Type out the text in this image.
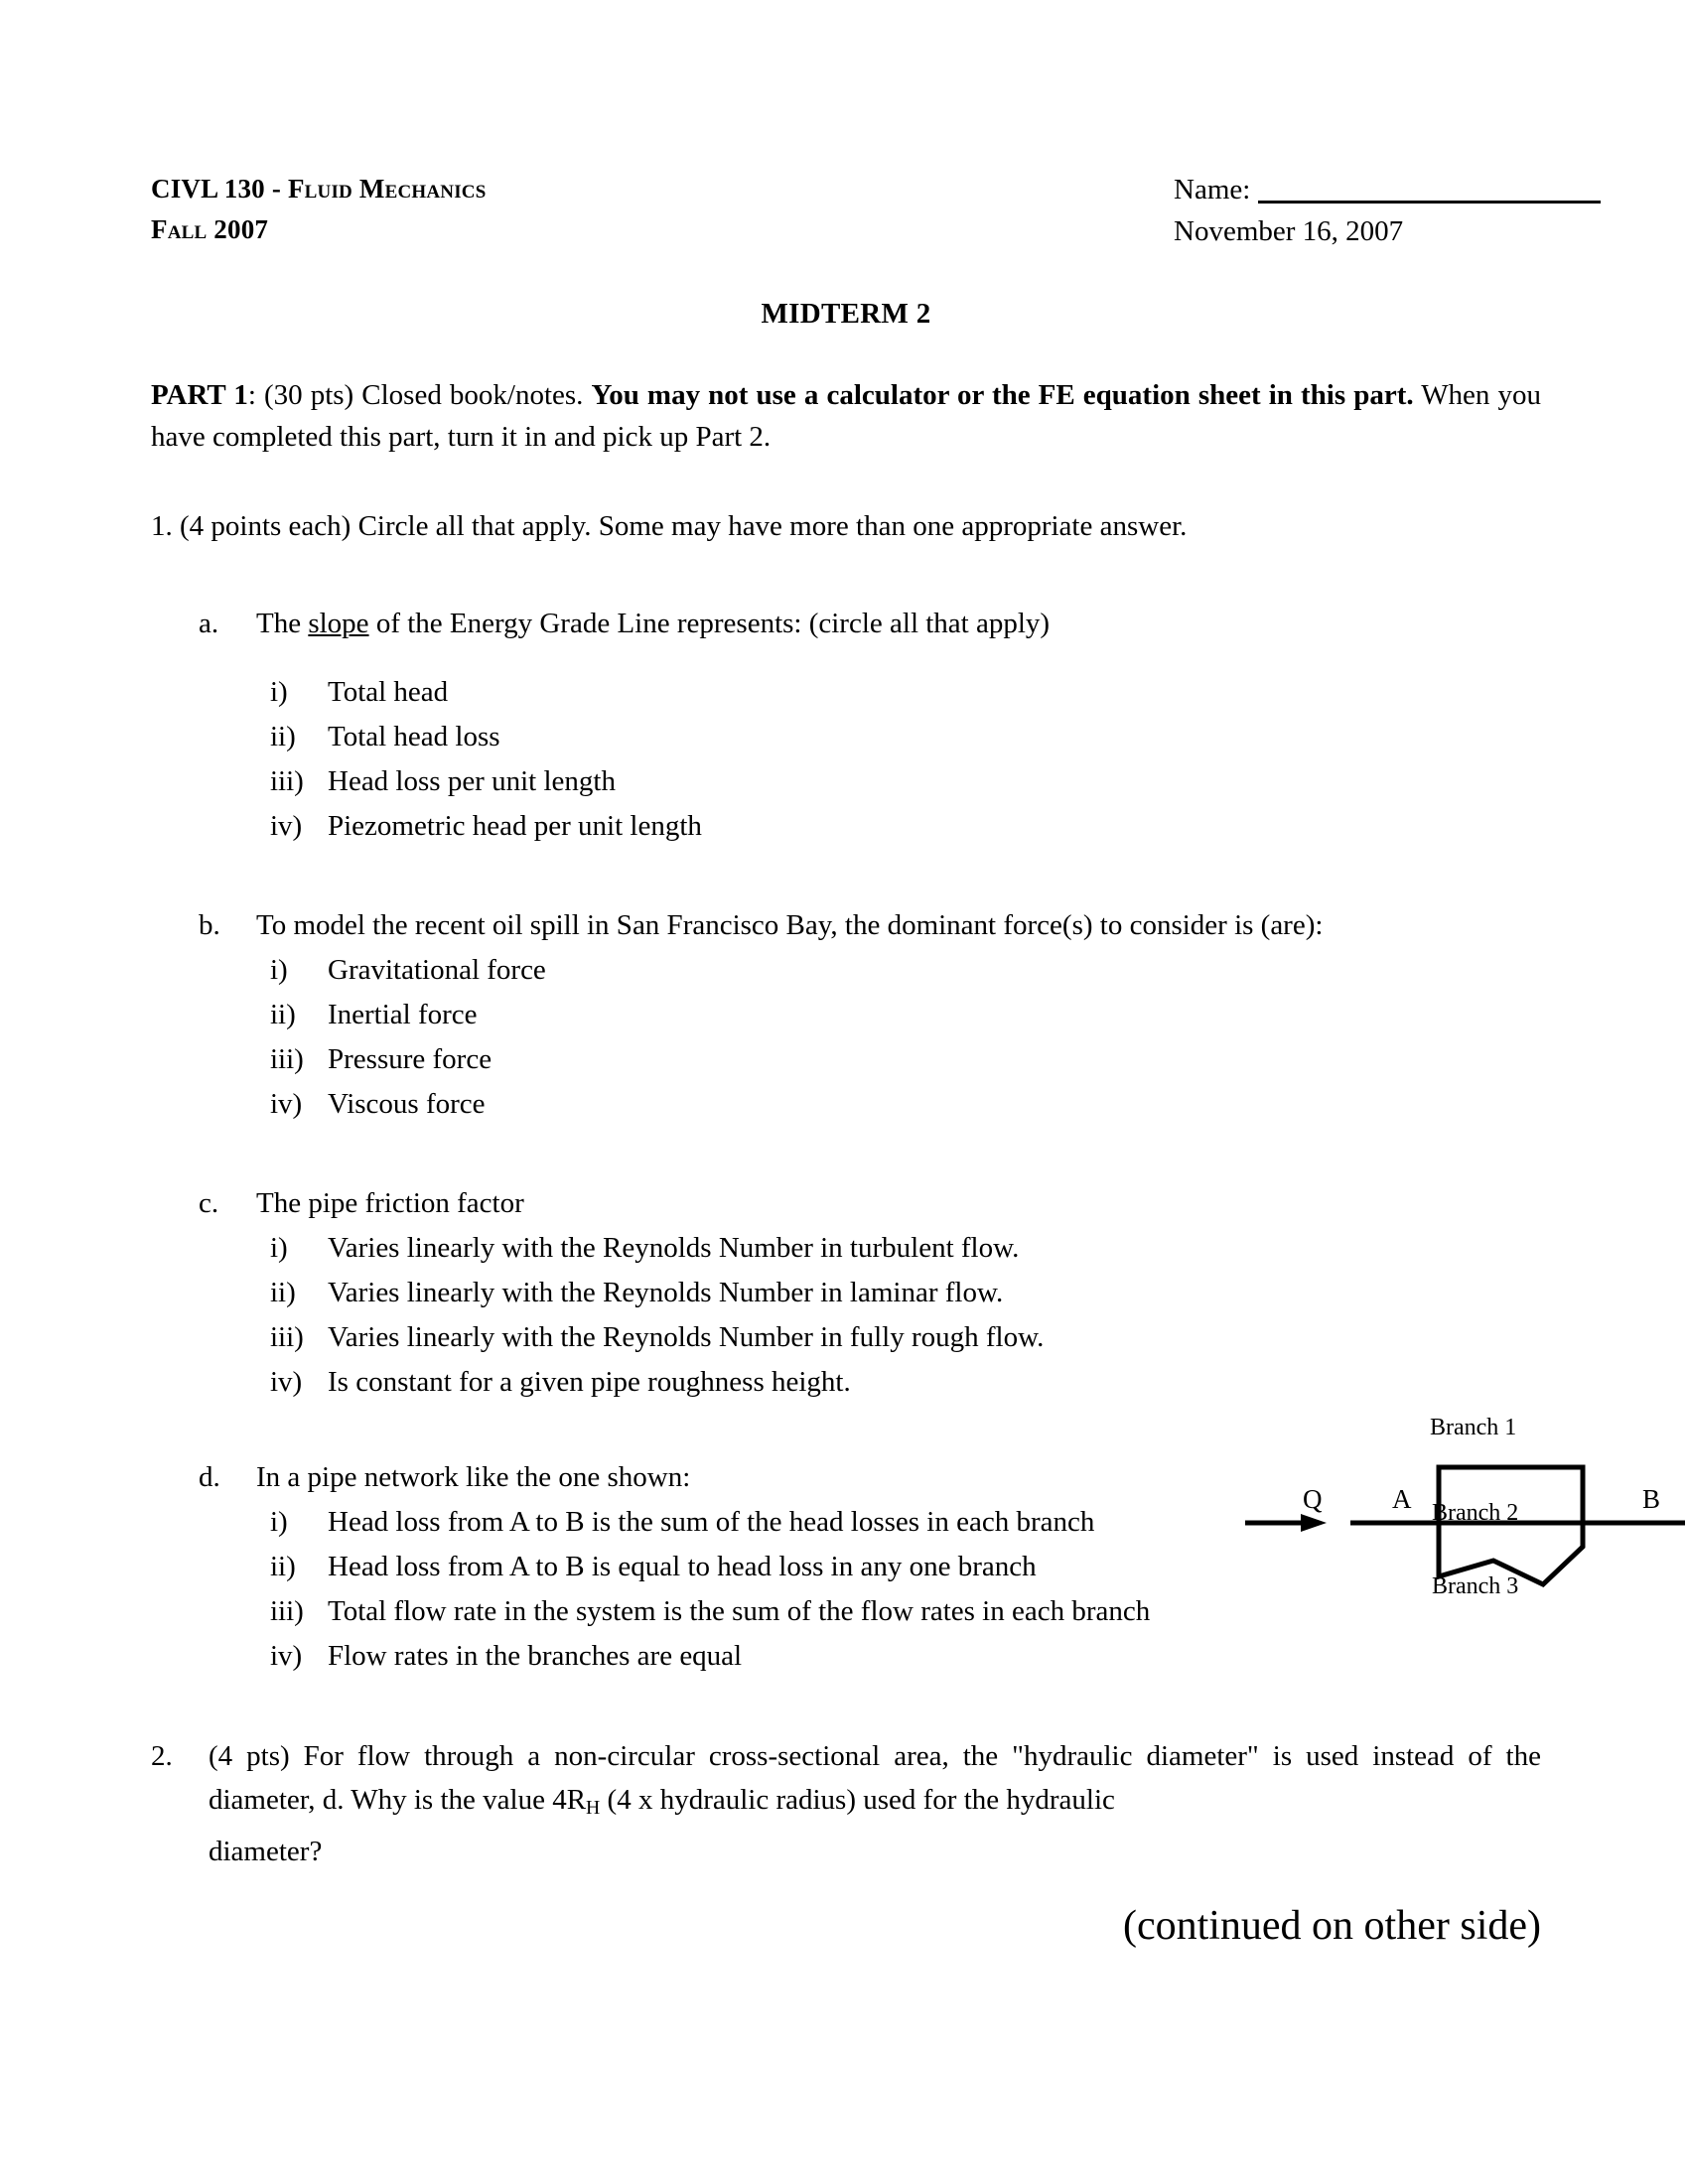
CIVL 130 - Fluid Mechanics
Fall 2007
Name:
November 16, 2007
MIDTERM 2
PART 1: (30 pts) Closed book/notes. You may not use a calculator or the FE equation sheet in this part. When you have completed this part, turn it in and pick up Part 2.
1. (4 points each) Circle all that apply. Some may have more than one appropriate answer.
a.	The slope of the Energy Grade Line represents: (circle all that apply)
i)	Total head
ii)	Total head loss
iii) Head loss per unit length
iv) Piezometric head per unit length
b.	To model the recent oil spill in San Francisco Bay, the dominant force(s) to consider is (are):
i)	Gravitational force
ii)	Inertial force
iii) Pressure force
iv) Viscous force
c.	The pipe friction factor
i)	Varies linearly with the Reynolds Number in turbulent flow.
ii)	Varies linearly with the Reynolds Number in laminar flow.
iii) Varies linearly with the Reynolds Number in fully rough flow.
iv) Is constant for a given pipe roughness height.
d.	In a pipe network like the one shown:
i)	Head loss from A to B is the sum of the head losses in each branch
ii)	Head loss from A to B is equal to head loss in any one branch
iii) Total flow rate in the system is the sum of the flow rates in each branch
iv) Flow rates in the branches are equal
2. (4 pts) For flow through a non-circular cross-sectional area, the "hydraulic diameter" is used instead of the diameter, d. Why is the value $4R_H$ (4 x hydraulic radius) used for the hydraulic
diameter?
Branch 1
Branch 2
Branch 3
Q	A	B
(continued on other side)
